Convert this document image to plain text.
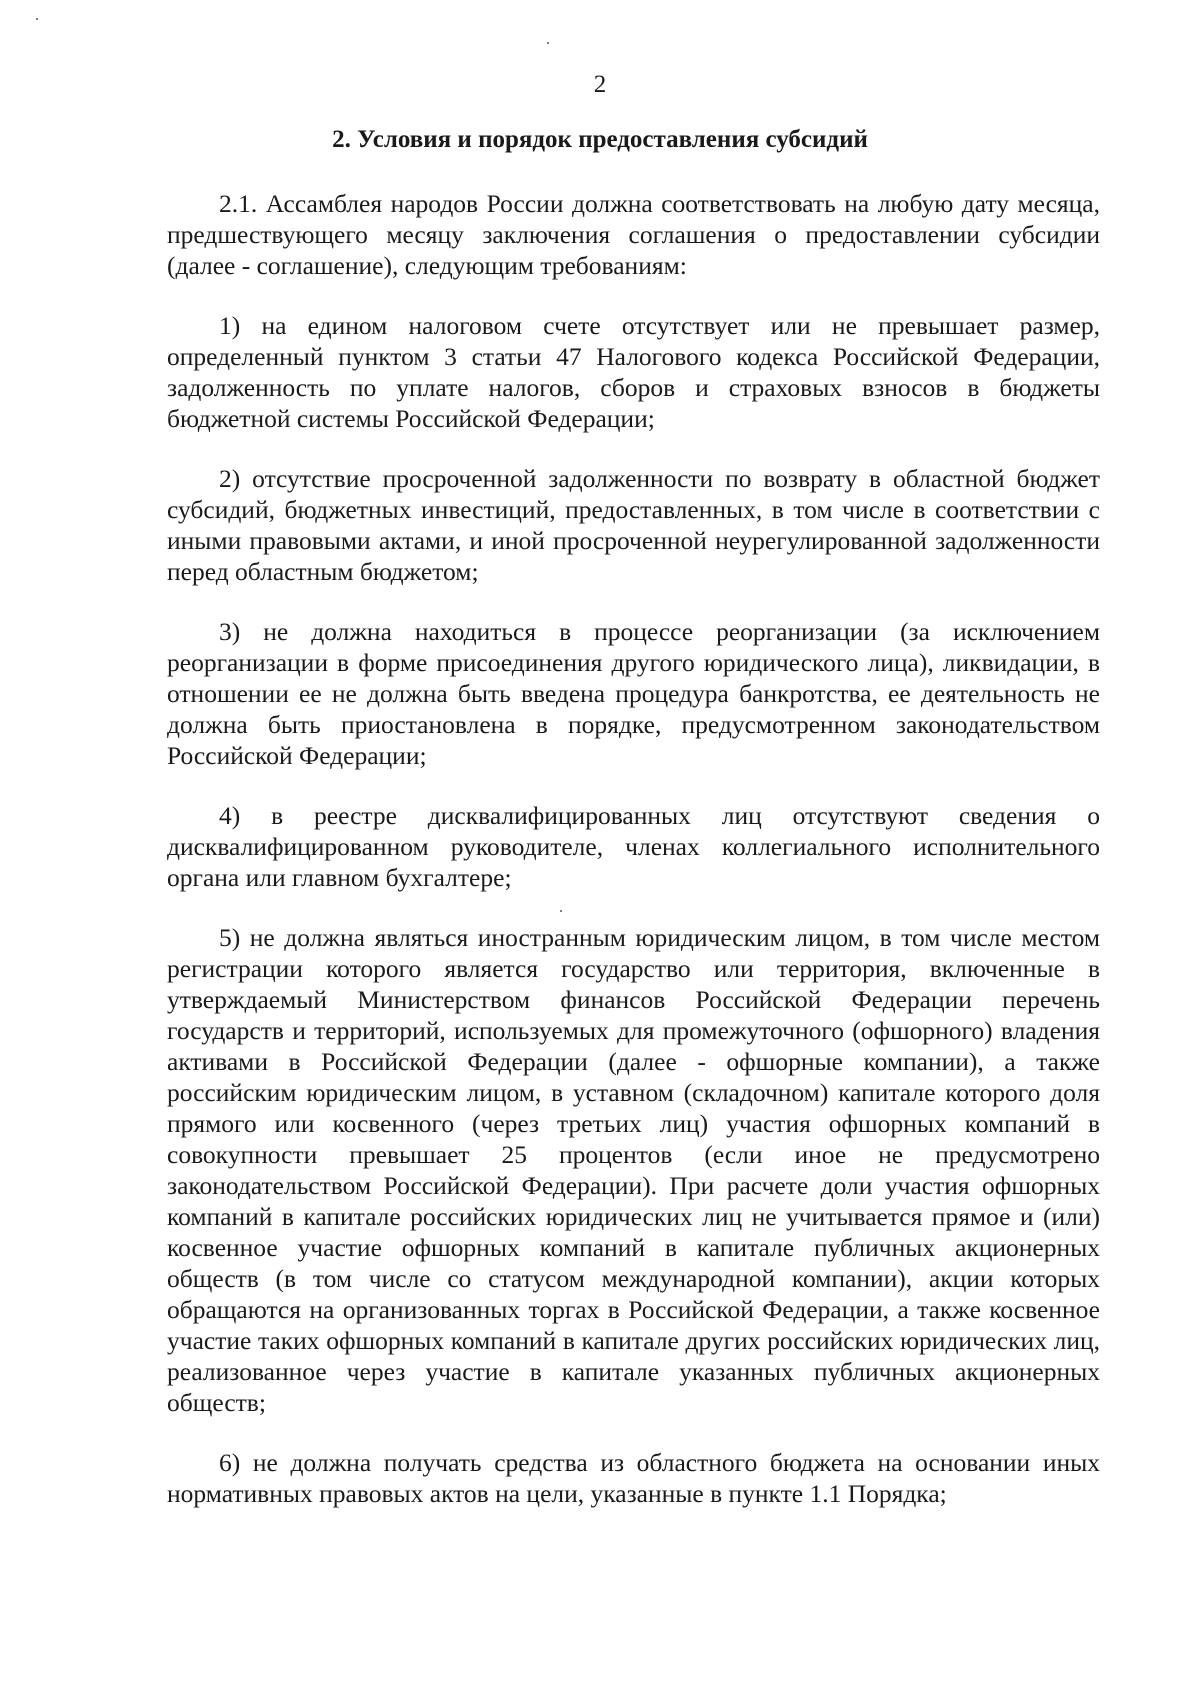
2
2. Условия и порядок предоставления субсидий

2.1. Ассамблея народов России должна соответствовать на любую дату месяца, предшествующего месяцу заключения соглашения о предоставлении субсидии (далее - соглашение), следующим требованиям:

1) на едином налоговом счете отсутствует или не превышает размер, определенный пунктом 3 статьи 47 Налогового кодекса Российской Федерации, задолженность по уплате налогов, сборов и страховых взносов в бюджеты бюджетной системы Российской Федерации;

2) отсутствие просроченной задолженности по возврату в областной бюджет субсидий, бюджетных инвестиций, предоставленных, в том числе в соответствии с иными правовыми актами, и иной просроченной неурегулированной задолженности перед областным бюджетом;

3) не должна находиться в процессе реорганизации (за исключением реорганизации в форме присоединения другого юридического лица), ликвидации, в отношении ее не должна быть введена процедура банкротства, ее деятельность не должна быть приостановлена в порядке, предусмотренном законодательством Российской Федерации;

4) в реестре дисквалифицированных лиц отсутствуют сведения о дисквалифицированном руководителе, членах коллегиального исполнительного органа или главном бухгалтере;

5) не должна являться иностранным юридическим лицом, в том числе местом регистрации которого является государство или территория, включенные в утверждаемый Министерством финансов Российской Федерации перечень государств и территорий, используемых для промежуточного (офшорного) владения активами в Российской Федерации (далее - офшорные компании), а также российским юридическим лицом, в уставном (складочном) капитале которого доля прямого или косвенного (через третьих лиц) участия офшорных компаний в совокупности превышает 25 процентов (если иное не предусмотрено законодательством Российской Федерации). При расчете доли участия офшорных компаний в капитале российских юридических лиц не учитывается прямое и (или) косвенное участие офшорных компаний в капитале публичных акционерных обществ (в том числе со статусом международной компании), акции которых обращаются на организованных торгах в Российской Федерации, а также косвенное участие таких офшорных компаний в капитале других российских юридических лиц, реализованное через участие в капитале указанных публичных акционерных обществ;

6) не должна получать средства из областного бюджета на основании иных нормативных правовых актов на цели, указанные в пункте 1.1 Порядка;
